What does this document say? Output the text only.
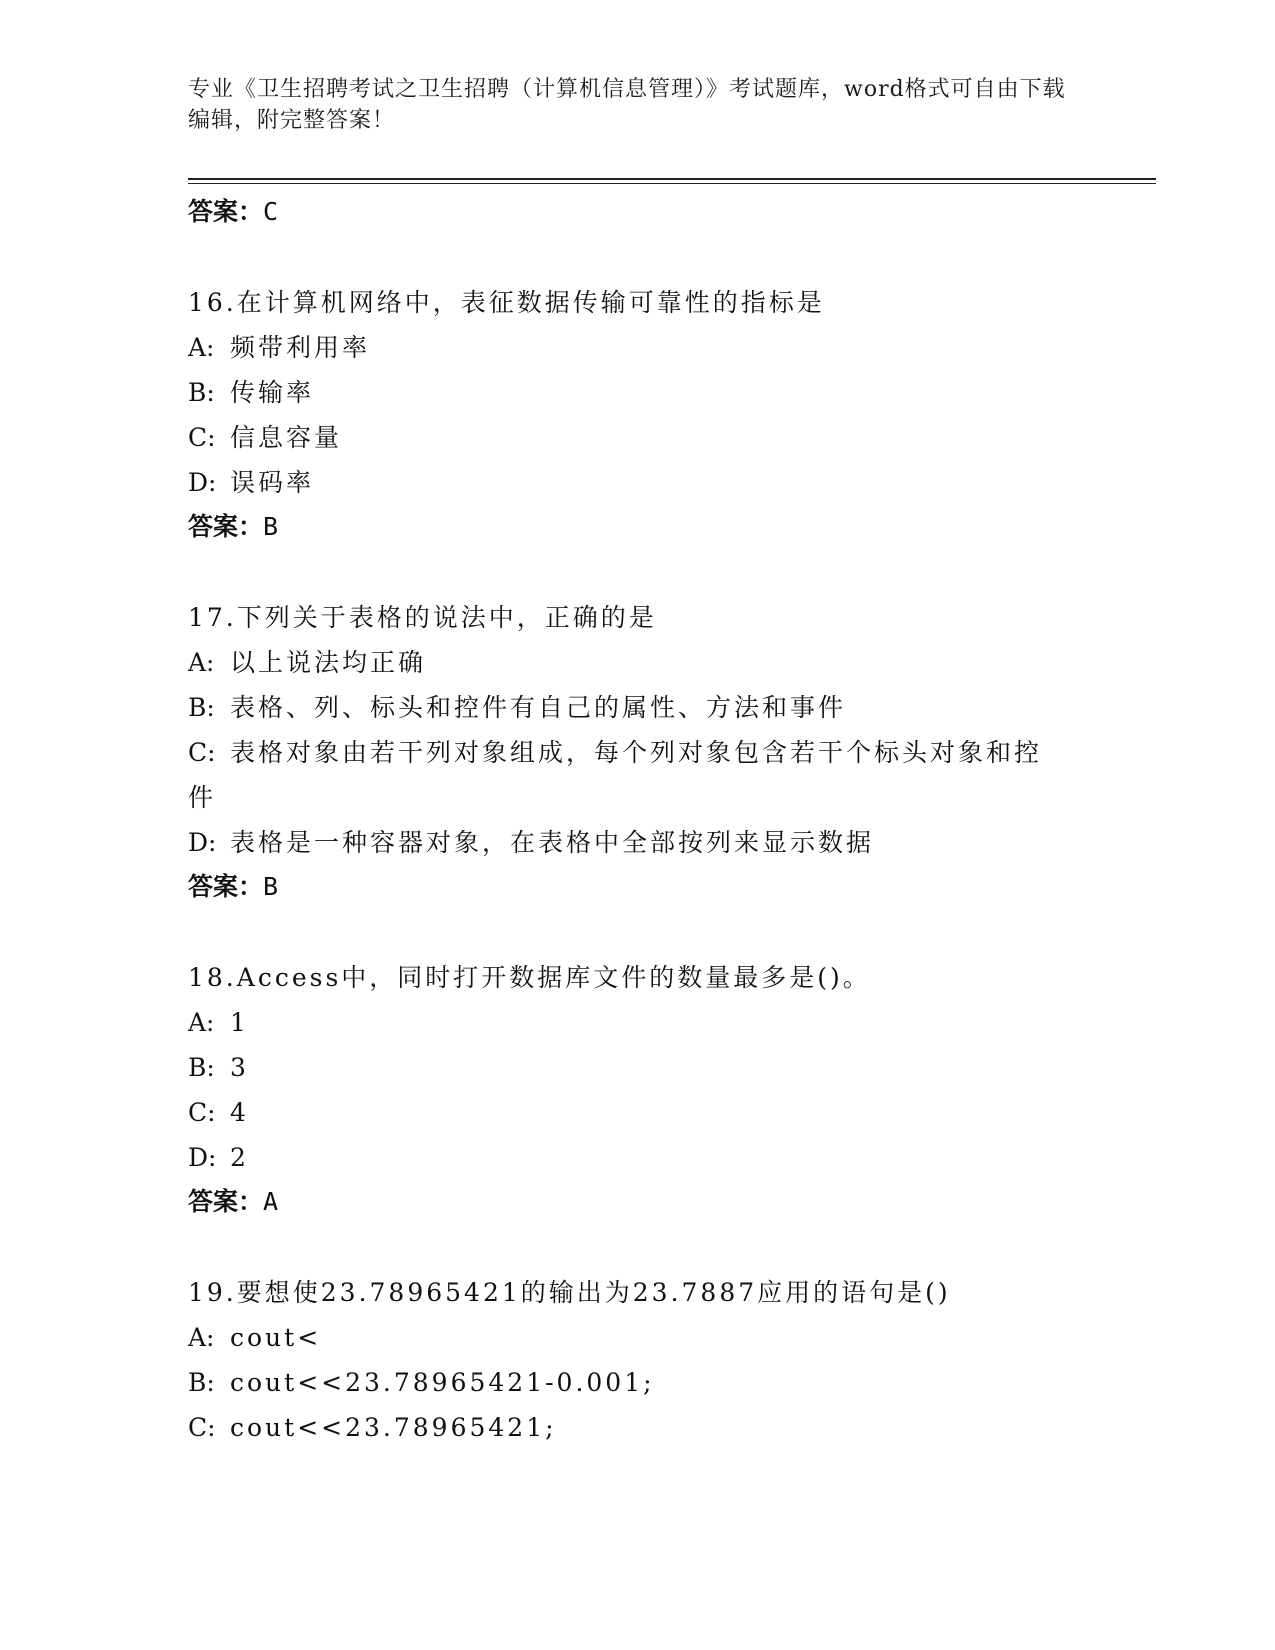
专业《卫生招聘考试之卫生招聘（计算机信息管理）》考试题库，word格式可自由下载编辑，附完整答案！
答案：C
16.在计算机网络中，表征数据传输可靠性的指标是
A: 频带利用率
B: 传输率
C: 信息容量
D: 误码率
答案：B
17.下列关于表格的说法中，正确的是
A: 以上说法均正确
B: 表格、列、标头和控件有自己的属性、方法和事件
C: 表格对象由若干列对象组成，每个列对象包含若干个标头对象和控件
D: 表格是一种容器对象，在表格中全部按列来显示数据
答案：B
18.Access中，同时打开数据库文件的数量最多是()。
A: 1
B: 3
C: 4
D: 2
答案：A
19.要想使23.78965421的输出为23.7887应用的语句是()
A: cout<
B: cout<<23.78965421-0.001;
C: cout<<23.78965421;
